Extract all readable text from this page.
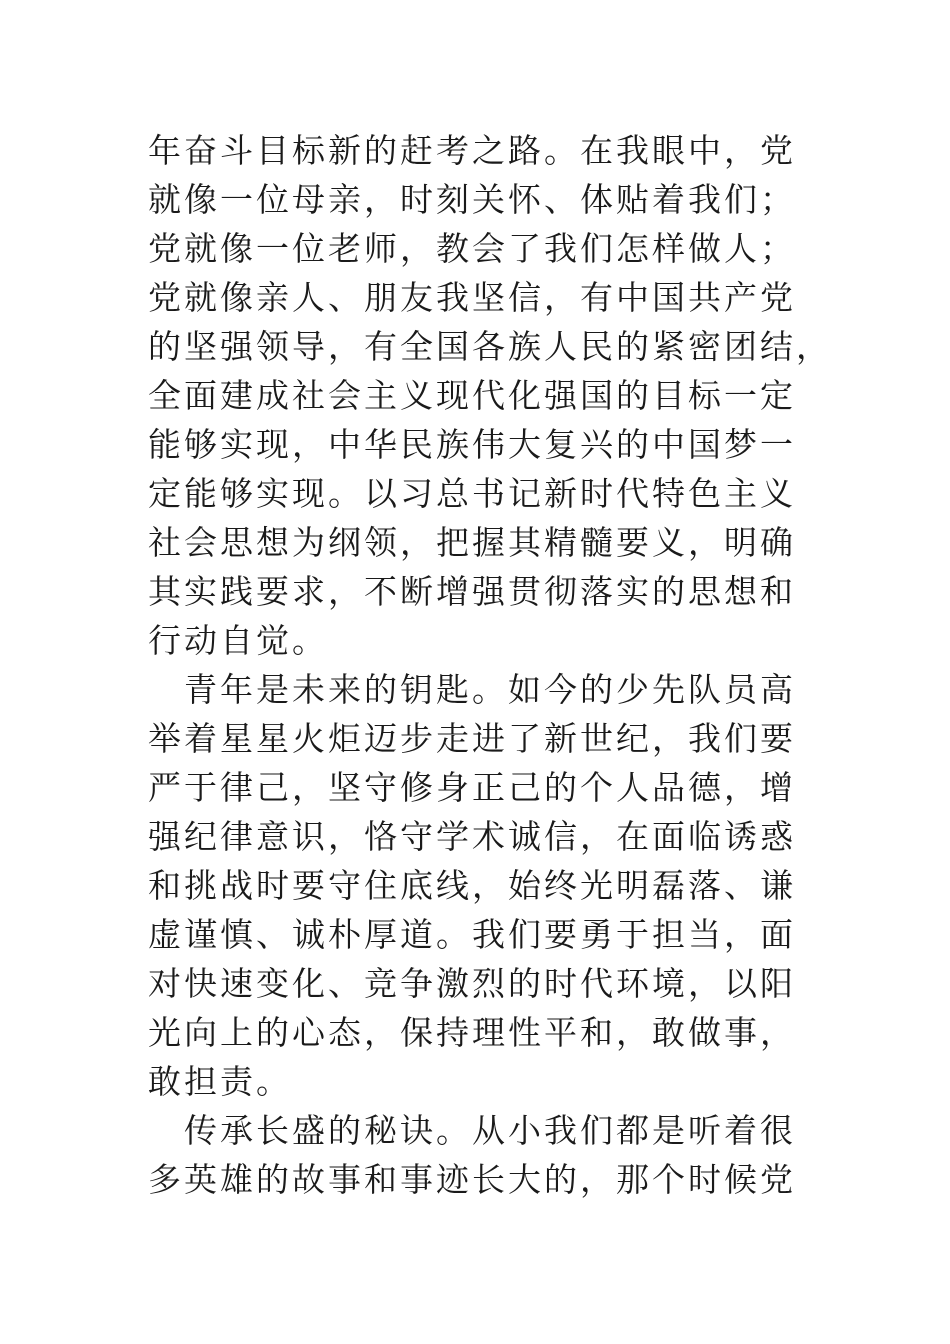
年奋斗目标新的赶考之路。在我眼中，党
就像一位母亲，时刻关怀、体贴着我们；
党就像一位老师，教会了我们怎样做人；
党就像亲人、朋友我坚信，有中国共产党
的坚强领导，有全国各族人民的紧密团结，
全面建成社会主义现代化强国的目标一定
能够实现，中华民族伟大复兴的中国梦一
定能够实现。以习总书记新时代特色主义
社会思想为纲领，把握其精髓要义，明确
其实践要求，不断增强贯彻落实的思想和
行动自觉。
青年是未来的钥匙。如今的少先队员高
举着星星火炬迈步走进了新世纪，我们要
严于律己，坚守修身正己的个人品德，增
强纪律意识，恪守学术诚信，在面临诱惑
和挑战时要守住底线，始终光明磊落、谦
虚谨慎、诚朴厚道。我们要勇于担当，面
对快速变化、竞争激烈的时代环境，以阳
光向上的心态，保持理性平和，敢做事，
敢担责。
传承长盛的秘诀。从小我们都是听着很
多英雄的故事和事迹长大的，那个时候党
